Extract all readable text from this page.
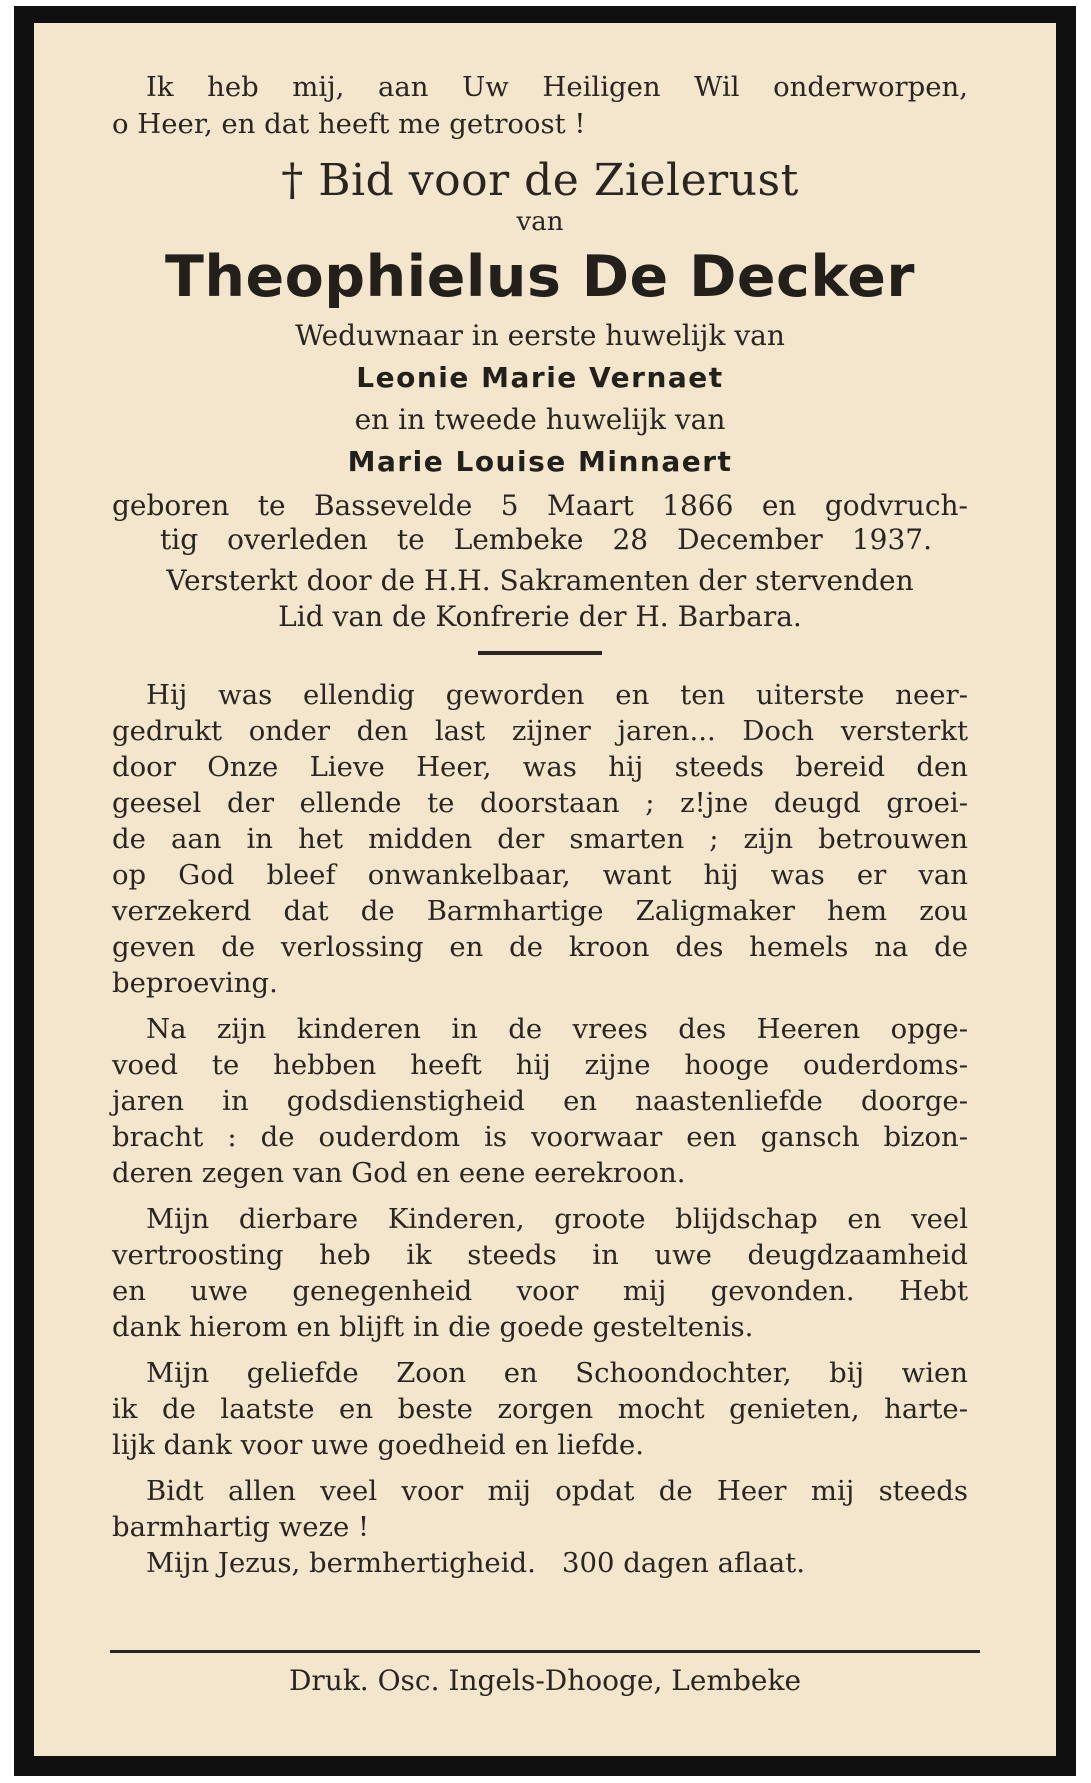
Ik heb mij, aan Uw Heiligen Wil onderworpen,
o Heer, en dat heeft me getroost !
† Bid voor de Zielerust
van
Theophielus De Decker
Weduwnaar in eerste huwelijk van
Leonie Marie Vernaet
en in tweede huwelijk van
Marie Louise Minnaert
geboren te Bassevelde 5 Maart 1866 en godvruch-
tig overleden te Lembeke 28 December 1937.
Versterkt door de H.H. Sakramenten der stervenden
Lid van de Konfrerie der H. Barbara.
Hij was ellendig geworden en ten uiterste neer-
gedrukt onder den last zijner jaren... Doch versterkt
door Onze Lieve Heer, was hij steeds bereid den
geesel der ellende te doorstaan ; z!jne deugd groei-
de aan in het midden der smarten ; zijn betrouwen
op God bleef onwankelbaar, want hij was er van
verzekerd dat de Barmhartige Zaligmaker hem zou
geven de verlossing en de kroon des hemels na de
beproeving.
Na zijn kinderen in de vrees des Heeren opge-
voed te hebben heeft hij zijne hooge ouderdoms-
jaren in godsdienstigheid en naastenliefde doorge-
bracht : de ouderdom is voorwaar een gansch bizon-
deren zegen van God en eene eerekroon.
Mijn dierbare Kinderen, groote blijdschap en veel
vertroosting heb ik steeds in uwe deugdzaamheid
en uwe genegenheid voor mij gevonden. Hebt
dank hierom en blijft in die goede gesteltenis.
Mijn geliefde Zoon en Schoondochter, bij wien
ik de laatste en beste zorgen mocht genieten, harte-
lijk dank voor uwe goedheid en liefde.
Bidt allen veel voor mij opdat de Heer mij steeds
barmhartig weze !
Mijn Jezus, bermhertigheid.   300 dagen aflaat.
Druk. Osc. Ingels-Dhooge, Lembeke
